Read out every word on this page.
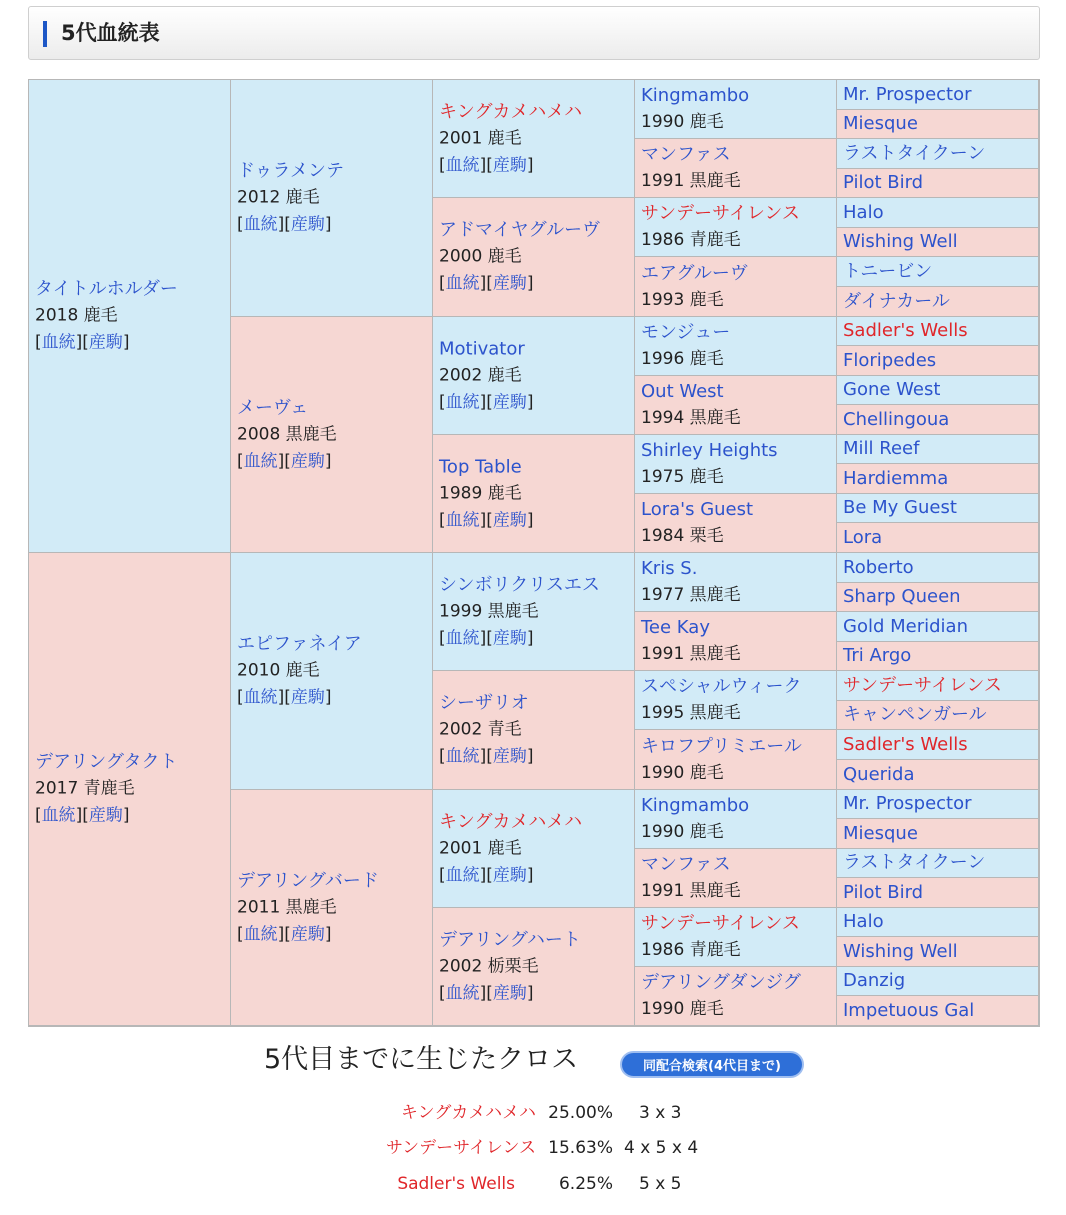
5代血統表
タイトルホルダー
2018 鹿毛
[血統][産駒]
デアリングタクト
2017 青鹿毛
[血統][産駒]
ドゥラメンテ
2012 鹿毛
[血統][産駒]
メーヴェ
2008 黒鹿毛
[血統][産駒]
エピファネイア
2010 鹿毛
[血統][産駒]
デアリングバード
2011 黒鹿毛
[血統][産駒]
キングカメハメハ
2001 鹿毛
[血統][産駒]
アドマイヤグルーヴ
2000 鹿毛
[血統][産駒]
Motivator
2002 鹿毛
[血統][産駒]
Top Table
1989 鹿毛
[血統][産駒]
シンボリクリスエス
1999 黒鹿毛
[血統][産駒]
シーザリオ
2002 青毛
[血統][産駒]
キングカメハメハ
2001 鹿毛
[血統][産駒]
デアリングハート
2002 栃栗毛
[血統][産駒]
Kingmambo
1990 鹿毛
マンファス
1991 黒鹿毛
サンデーサイレンス
1986 青鹿毛
エアグルーヴ
1993 鹿毛
モンジュー
1996 鹿毛
Out West
1994 黒鹿毛
Shirley Heights
1975 鹿毛
Lora's Guest
1984 栗毛
Kris S.
1977 黒鹿毛
Tee Kay
1991 黒鹿毛
スペシャルウィーク
1995 黒鹿毛
キロフプリミエール
1990 鹿毛
Kingmambo
1990 鹿毛
マンファス
1991 黒鹿毛
サンデーサイレンス
1986 青鹿毛
デアリングダンジグ
1990 鹿毛
Mr. Prospector
Miesque
ラストタイクーン
Pilot Bird
Halo
Wishing Well
トニービン
ダイナカール
Sadler's Wells
Floripedes
Gone West
Chellingoua
Mill Reef
Hardiemma
Be My Guest
Lora
Roberto
Sharp Queen
Gold Meridian
Tri Argo
サンデーサイレンス
キャンペンガール
Sadler's Wells
Querida
Mr. Prospector
Miesque
ラストタイクーン
Pilot Bird
Halo
Wishing Well
Danzig
Impetuous Gal
5代目までに生じたクロス	同配合検索(4代目まで)
キングカメハメハ 25.00% 3 x 3
サンデーサイレンス 15.63% 4 x 5 x 4
Sadler's Wells	6.25% 5 x 5
